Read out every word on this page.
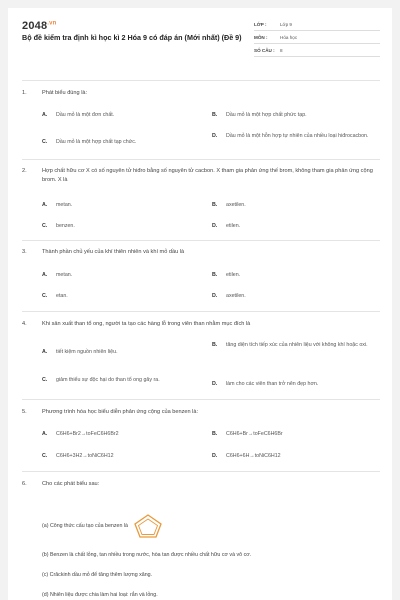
$2048^{.vn}$
Bộ đề kiểm tra định kì học kì 2 Hóa 9 có đáp án (Mới nhất) (Đề 9)
LỚP :	Lớp 9
MÔN :	Hóa học
SỐ CÂU :	8
1.	Phát biểu đúng là:
A.	Dầu mỏ là một đơn chất.	B.	Dầu mỏ là một hợp chất phức tạp.
C.	Dầu mỏ là một hợp chất tạp chức.
D.	Dầu mỏ là một hỗn hợp tự nhiên của nhiều loại hiđrocacbon.
2.	Hợp chất hữu cơ X có số nguyên tử hiđro bằng số nguyên tử cacbon. X tham gia phản ứng thế brom, không tham gia phản ứng cộng brom. X là
A.	metan.	B.	axetilen.
C.	benzen.	D.	etilen.
3.	Thành phần chủ yếu của khí thiên nhiên và khí mỏ dầu là
A.	metan.	B.	etilen.
C.	etan.	D.	axetilen.
4.	Khi sản xuất than tổ ong, người ta tạo các hàng lỗ trong viên than nhằm mục đích là
A.	tiết kiệm nguồn nhiên liệu.
B.	tăng diện tích tiếp xúc của nhiên liệu với không khí hoặc oxi.
C.	giảm thiểu sự độc hại do than tổ ong gây ra.
D.	làm cho các viên than trở nên đẹp hơn.
5.	Phương trình hóa học biểu diễn phản ứng cộng của benzen là:
A.	C6H6+Br2→toFeC6H6Br2	B.	C6H6+Br→toFeC6H6Br
C.	C6H6+3H2→toNiC6H12	D.	C6H6+6H→toNiC6H12
6.	Cho các phát biểu sau:
(a) Công thức cấu tạo của benzen là
(b) Benzen là chất lỏng, tan nhiều trong nước, hòa tan được nhiều chất hữu cơ và vô cơ.
(c) Crăckinh dầu mỏ để tăng thêm lượng xăng.
(d) Nhiên liệu được chia làm hai loại: rắn và lỏng.
